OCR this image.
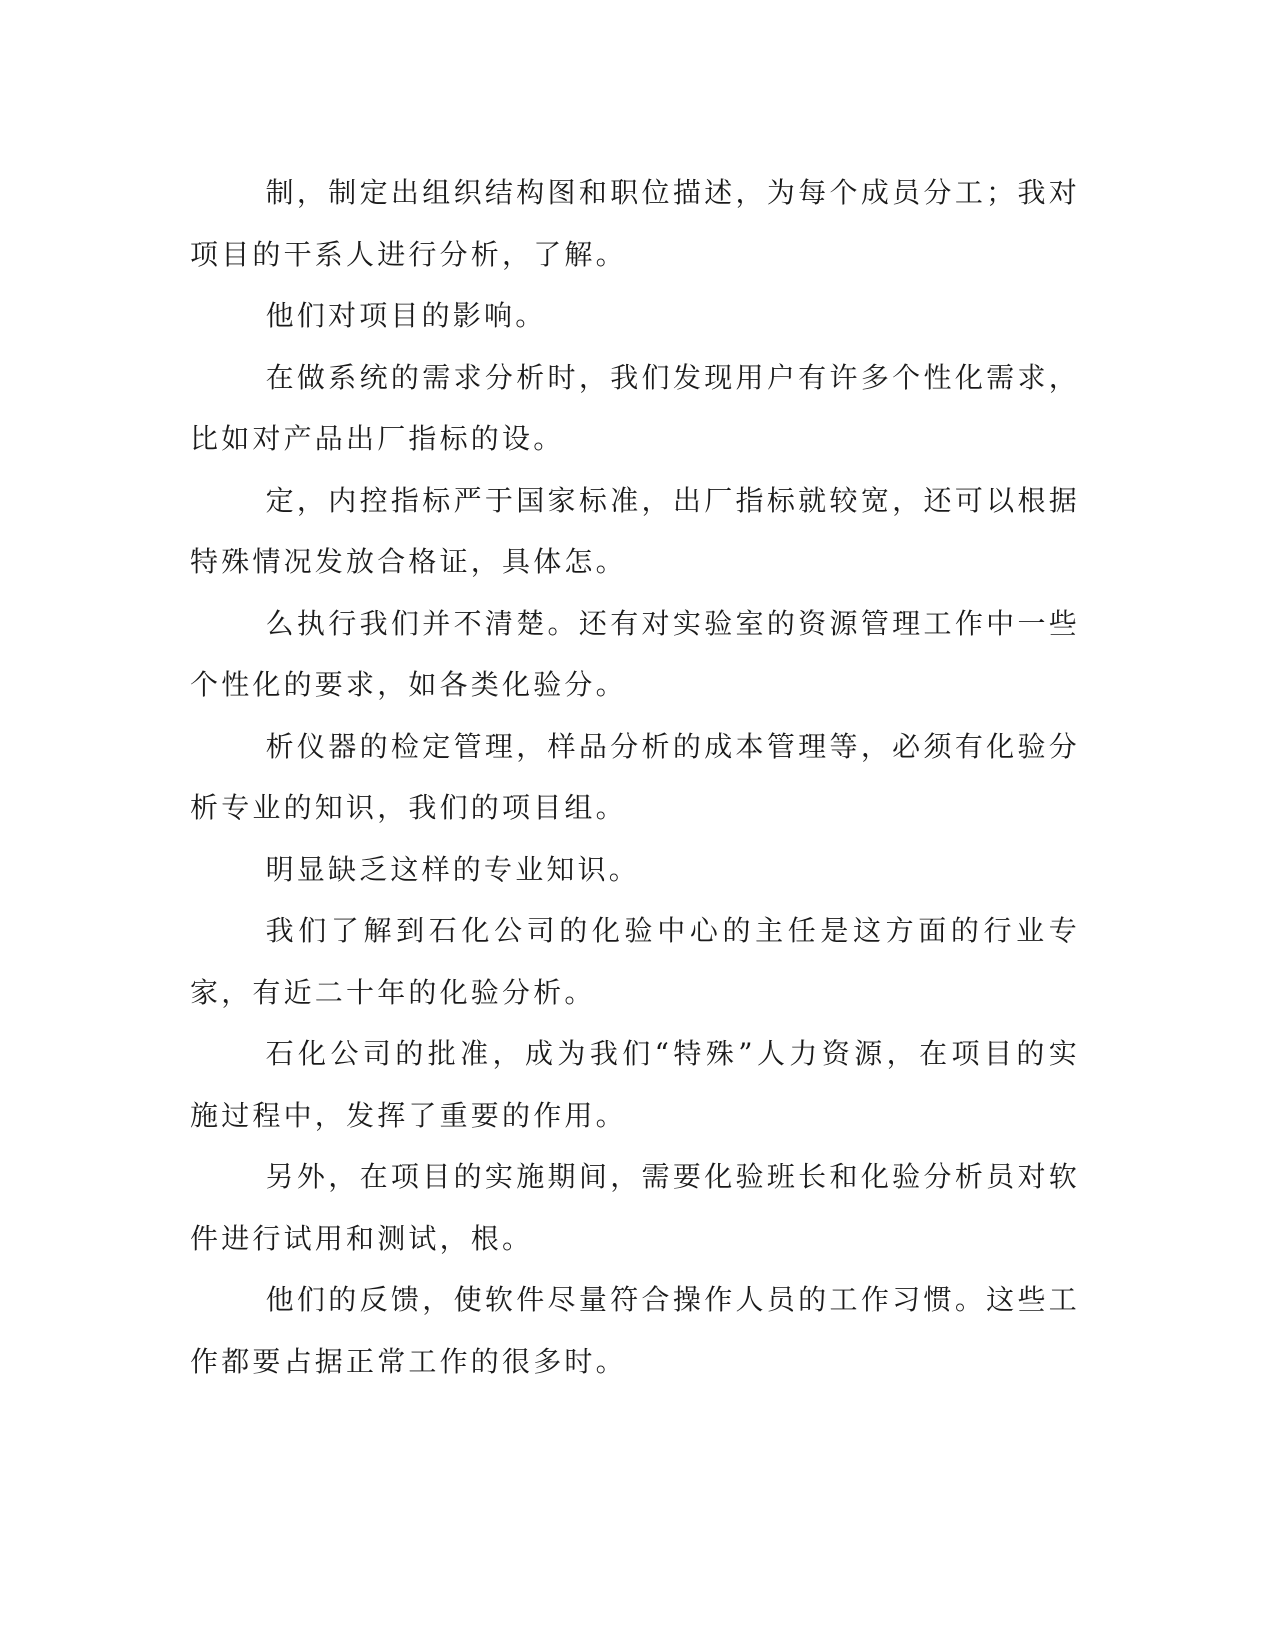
制，制定出组织结构图和职位描述，为每个成员分工；我对项目的干系人进行分析，了解。

他们对项目的影响。

在做系统的需求分析时，我们发现用户有许多个性化需求，比如对产品出厂指标的设。

定，内控指标严于国家标准，出厂指标就较宽，还可以根据特殊情况发放合格证，具体怎。

么执行我们并不清楚。还有对实验室的资源管理工作中一些个性化的要求，如各类化验分。

析仪器的检定管理，样品分析的成本管理等，必须有化验分析专业的知识，我们的项目组。

明显缺乏这样的专业知识。

我们了解到石化公司的化验中心的主任是这方面的行业专家，有近二十年的化验分析。

石化公司的批准，成为我们“特殊”人力资源，在项目的实施过程中，发挥了重要的作用。

另外，在项目的实施期间，需要化验班长和化验分析员对软件进行试用和测试，根。

他们的反馈，使软件尽量符合操作人员的工作习惯。这些工作都要占据正常工作的很多时。
